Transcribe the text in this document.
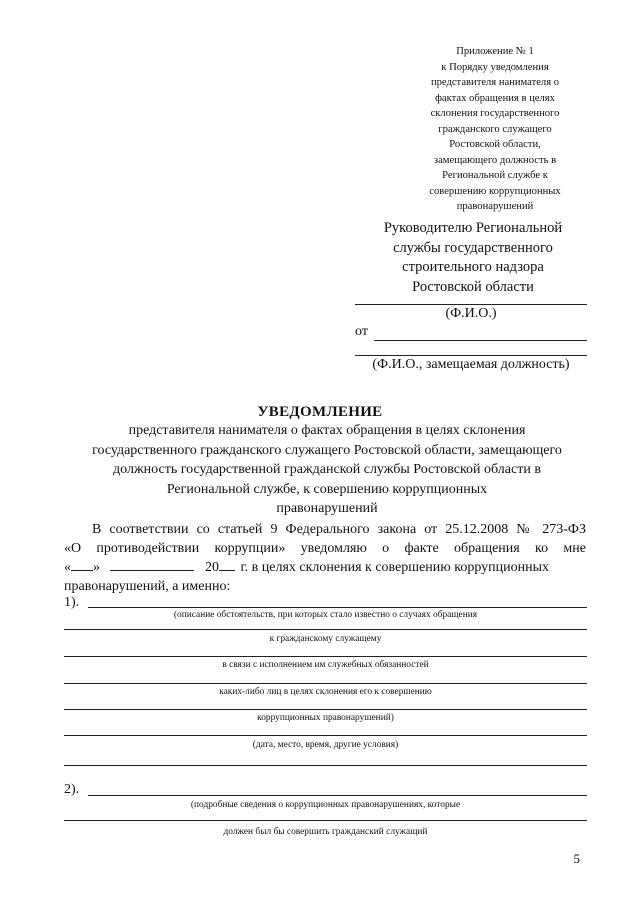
Приложение № 1
к Порядку уведомления
представителя нанимателя о
фактах обращения в целях
склонения государственного
гражданского служащего
Ростовской области,
замещающего должность в
Региональной службе к
совершению коррупционных
правонарушений
Руководителю Региональной
службы государственного
строительного надзора
Ростовской области
(Ф.И.О.)
от
(Ф.И.О., замещаемая должность)
УВЕДОМЛЕНИЕ
представителя нанимателя о фактах обращения в целях склонения
государственного гражданского служащего Ростовской области, замещающего
должность государственной гражданской службы Ростовской области в
Региональной службе, к совершению коррупционных
правонарушений
В соответствии со статьей 9 Федерального закона от 25.12.2008 № 273-ФЗ
«О противодействии коррупции» уведомляю о факте обращения ко мне
« »	20 г. в целях склонения к совершению коррупционных
правонарушений, а именно:
1).
(описание обстоятельств, при которых стало известно о случаях обращения
к гражданскому служащему
в связи с исполнением им служебных обязанностей
каких-либо лиц в целях склонения его к совершению
коррупционных правонарушений)
(дата, место, время, другие условия)
2).
(подробные сведения о коррупционных правонарушениях, которые
должен был бы совершить гражданский служащий
5
